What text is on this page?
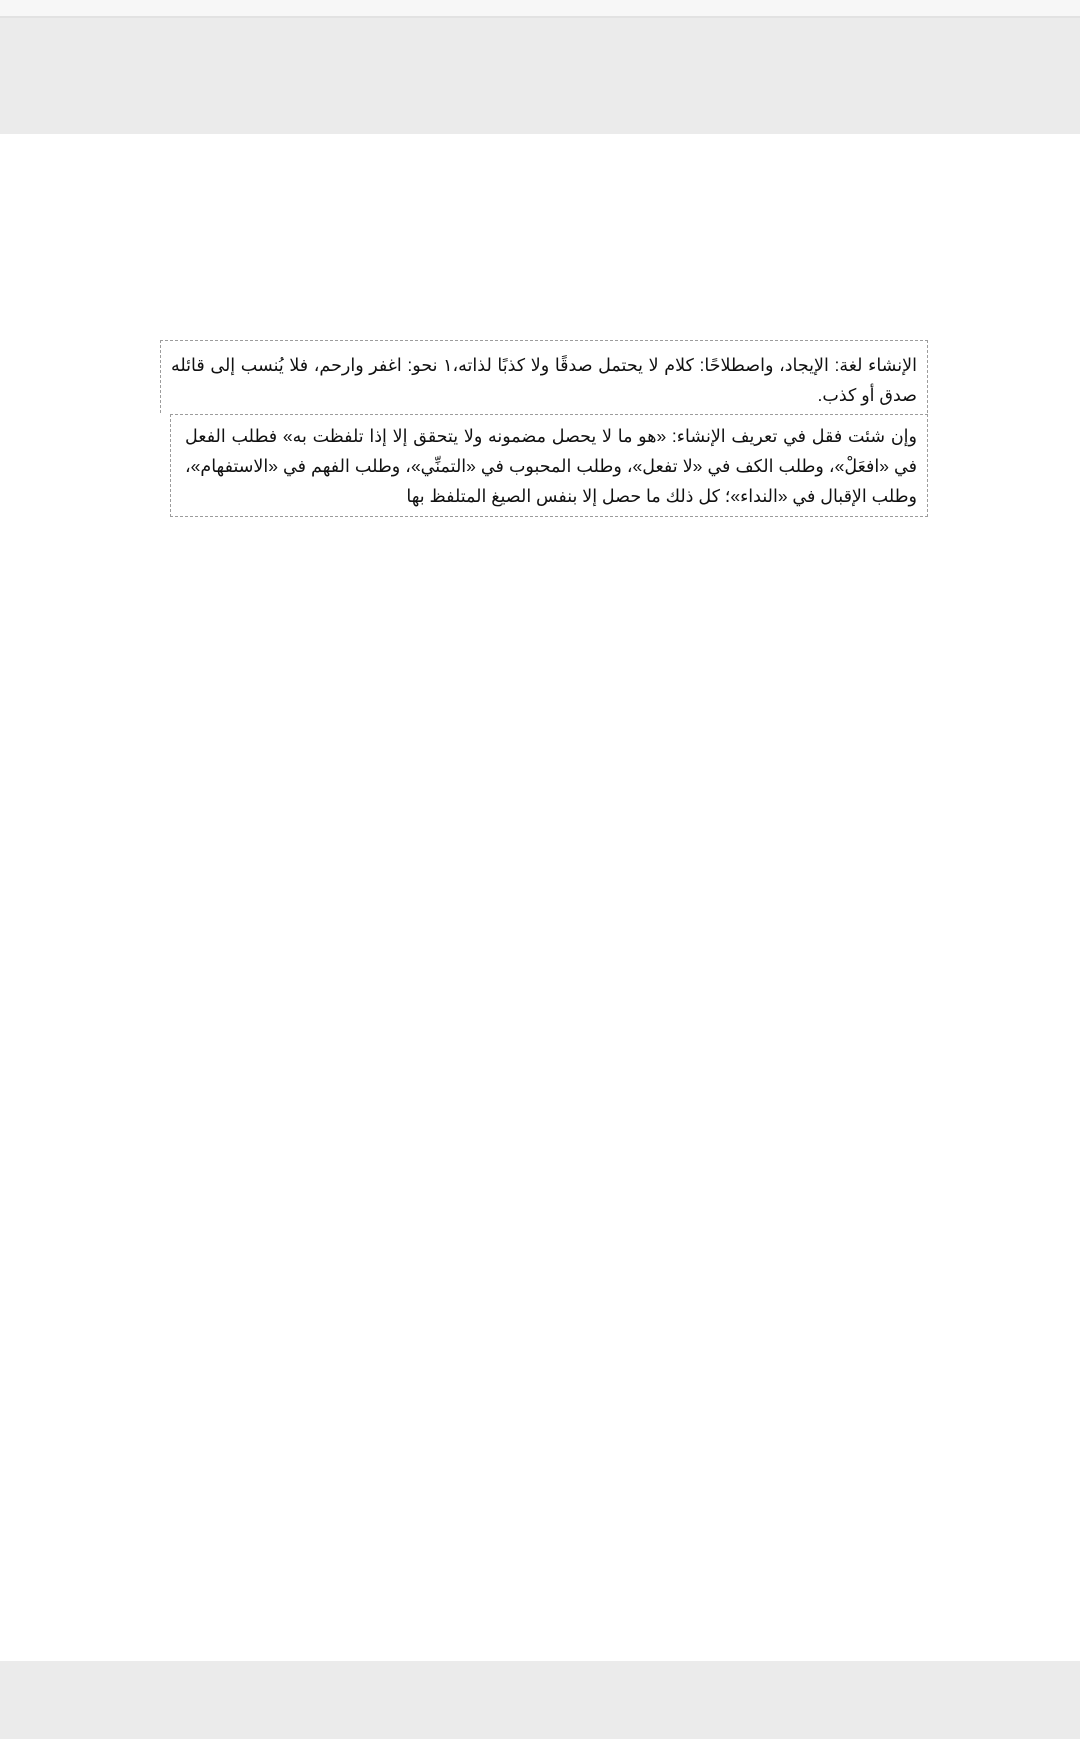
الإنشاء لغة: الإيجاد، واصطلاحًا: كلام لا يحتمل صدقًا ولا كذبًا لذاته،١ نحو: اغفر وارحم، فلا يُنسب إلى قائله صدق أو كذب.

وإن شئت فقل في تعريف الإنشاء: «هو ما لا يحصل مضمونه ولا يتحقق إلا إذا تلفظت به» فطلب الفعل في «افعَلْ»، وطلب الكف في «لا تفعل»، وطلب المحبوب في «التمنِّي»، وطلب الفهم في «الاستفهام»، وطلب الإقبال في «النداء»؛ كل ذلك ما حصل إلا بنفس الصيغ المتلفظ بها
